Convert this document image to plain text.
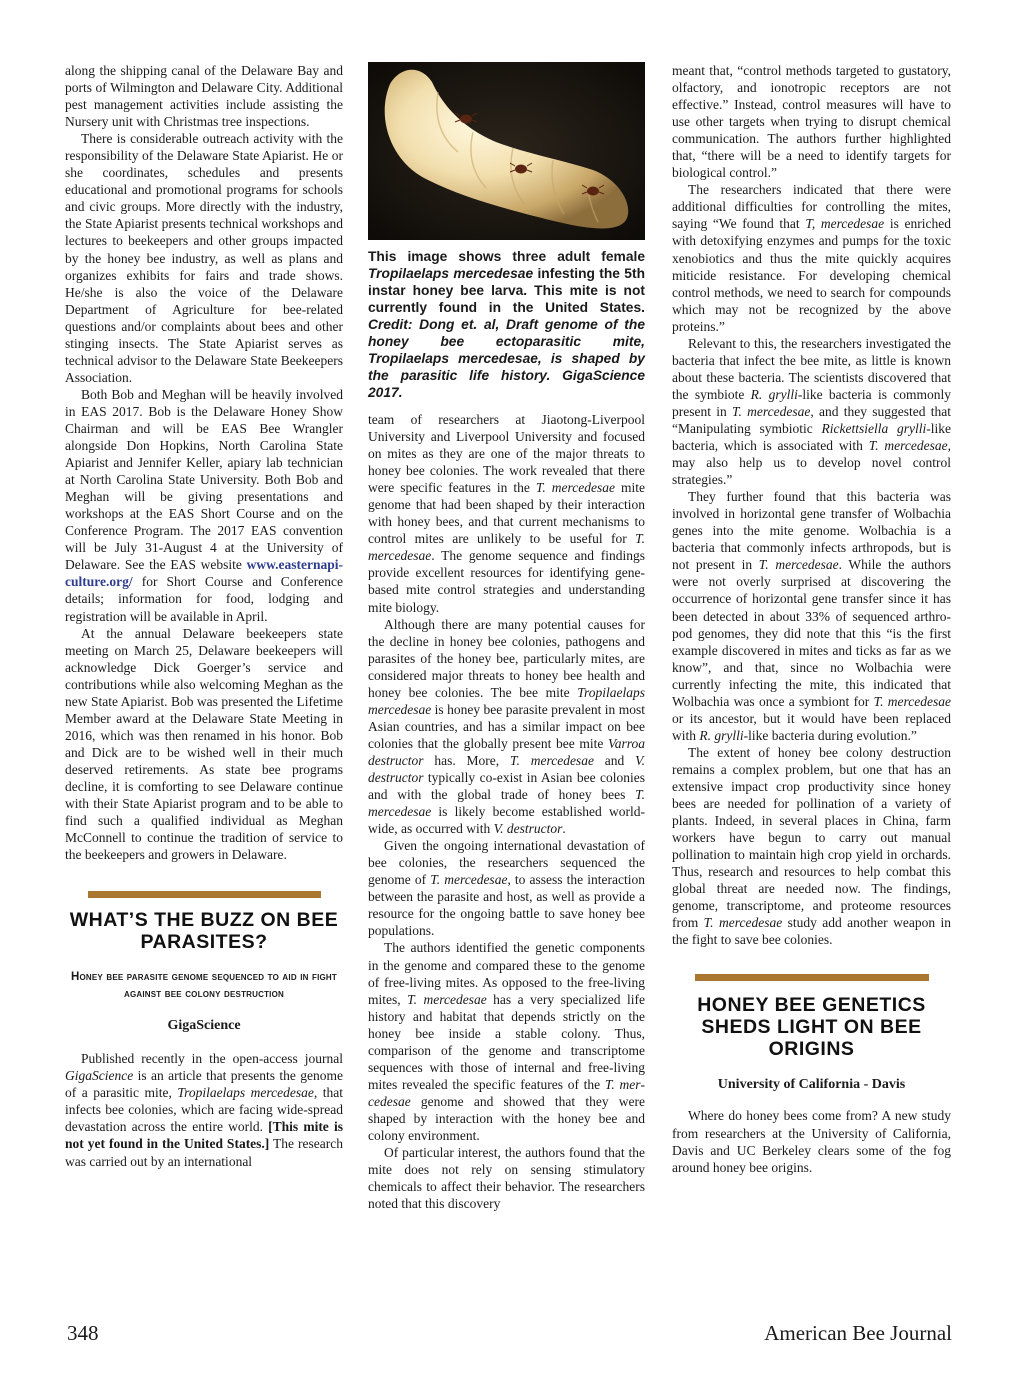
along the shipping canal of the Delaware Bay and ports of Wilmington and Delaware City. Additional pest management activities include assisting the Nursery unit with Christmas tree inspections.

There is considerable outreach activity with the responsibility of the Delaware State Apiarist. He or she coordinates, schedules and presents educational and promotional programs for schools and civic groups. More directly with the industry, the State Apiarist presents technical workshops and lectures to beekeepers and other groups impacted by the honey bee industry, as well as plans and organizes exhibits for fairs and trade shows. He/she is also the voice of the Delaware Department of Agriculture for bee-related questions and/or complaints about bees and other stinging insects. The State Apiarist serves as technical advisor to the Delaware State Beekeepers Association.

Both Bob and Meghan will be heavily involved in EAS 2017. Bob is the Delaware Honey Show Chairman and will be EAS Bee Wrangler alongside Don Hopkins, North Carolina State Apiarist and Jennifer Keller, apiary lab technician at North Carolina State University. Both Bob and Meghan will be giving presentations and workshops at the EAS Short Course and on the Conference Program. The 2017 EAS convention will be July 31-August 4 at the University of Delaware. See the EAS website www.easternapiculture.org/ for Short Course and Conference details; information for food, lodging and registration will be available in April.

At the annual Delaware beekeepers state meeting on March 25, Delaware beekeepers will acknowledge Dick Goerger’s service and contributions while also welcoming Meghan as the new State Apiarist. Bob was presented the Lifetime Member award at the Delaware State Meeting in 2016, which was then renamed in his honor. Bob and Dick are to be wished well in their much deserved retirements. As state bee programs decline, it is comforting to see Delaware continue with their State Apiarist program and to be able to find such a qualified individual as Meghan McConnell to continue the tradition of service to the beekeepers and growers in Delaware.

WHAT’S THE BUZZ ON BEE PARASITES?
Honey bee parasite genome sequenced to aid in fight against bee colony destruction
GigaScience

Published recently in the open-access journal GigaScience is an article that presents the genome of a parasitic mite, Tropilaelaps mercedesae, that infects bee colonies, which are facing wide-spread devastation across the entire world. [This mite is not yet found in the United States.] The research was carried out by an international

This image shows three adult female Tropilaelaps mercedesae infesting the 5th instar honey bee larva. This mite is not currently found in the United States. Credit: Dong et. al, Draft genome of the honey bee ectoparasitic mite, Tropilaelaps mercedesae, is shaped by the parasitic life history. GigaScience 2017.

team of researchers at Jiaotong-Liverpool University and Liverpool University and focused on mites as they are one of the major threats to honey bee colonies. The work revealed that there were specific features in the T. mercedesae mite genome that had been shaped by their interaction with honey bees, and that current mechanisms to control mites are unlikely to be useful for T. mercedesae. The genome sequence and findings provide excellent resources for identifying gene-based mite control strategies and understanding mite biology.

Although there are many potential causes for the decline in honey bee colonies, pathogens and parasites of the honey bee, particularly mites, are considered major threats to honey bee health and honey bee colonies. The bee mite Tropilaelaps mercedesae is honey bee parasite prevalent in most Asian countries, and has a similar impact on bee colonies that the globally present bee mite Varroa destructor has. More, T. mercedesae and V. destructor typically co-exist in Asian bee colonies and with the global trade of honey bees T. mercedesae is likely become established world-wide, as occurred with V. destructor.

Given the ongoing international devastation of bee colonies, the researchers sequenced the genome of T. mercedesae, to assess the interaction between the parasite and host, as well as provide a resource for the ongoing battle to save honey bee populations.

The authors identified the genetic components in the genome and compared these to the genome of free-living mites. As opposed to the free-living mites, T. mercedesae has a very specialized life history and habitat that depends strictly on the honey bee inside a stable colony. Thus, comparison of the genome and transcriptome sequences with those of internal and free-living mites revealed the specific features of the T. mercedesae genome and showed that they were shaped by interaction with the honey bee and colony environment.

Of particular interest, the authors found that the mite does not rely on sensing stimulatory chemicals to affect their behavior. The researchers noted that this discovery

meant that, “control methods targeted to gustatory, olfactory, and ionotropic receptors are not effective.” Instead, control measures will have to use other targets when trying to disrupt chemical communication. The authors further highlighted that, “there will be a need to identify targets for biological control.”

The researchers indicated that there were additional difficulties for controlling the mites, saying “We found that T, mercedesae is enriched with detoxifying enzymes and pumps for the toxic xenobiotics and thus the mite quickly acquires miticide resistance. For developing chemical control methods, we need to search for compounds which may not be recognized by the above proteins.”

Relevant to this, the researchers investigated the bacteria that infect the bee mite, as little is known about these bacteria. The scientists discovered that the symbiote R. grylli-like bacteria is commonly present in T. mercedesae, and they suggested that “Manipulating symbiotic Rickettsiella grylli-like bacteria, which is associated with T. mercedesae, may also help us to develop novel control strategies.”

They further found that this bacteria was involved in horizontal gene transfer of Wolbachia genes into the mite genome. Wolbachia is a bacteria that commonly infects arthropods, but is not present in T. mercedesae. While the authors were not overly surprised at discovering the occurrence of horizontal gene transfer since it has been detected in about 33% of sequenced arthropod genomes, they did note that this “is the first example discovered in mites and ticks as far as we know”, and that, since no Wolbachia were currently infecting the mite, this indicated that Wolbachia was once a symbiont for T. mercedesae or its ancestor, but it would have been replaced with R. grylli-like bacteria during evolution.”

The extent of honey bee colony destruction remains a complex problem, but one that has an extensive impact crop productivity since honey bees are needed for pollination of a variety of plants. Indeed, in several places in China, farm workers have begun to carry out manual pollination to maintain high crop yield in orchards. Thus, research and resources to help combat this global threat are needed now. The findings, genome, transcriptome, and proteome resources from T. mercedesae study add another weapon in the fight to save bee colonies.

HONEY BEE GENETICS SHEDS LIGHT ON BEE ORIGINS
University of California - Davis

Where do honey bees come from? A new study from researchers at the University of California, Davis and UC Berkeley clears some of the fog around honey bee origins.

348	American Bee Journal
